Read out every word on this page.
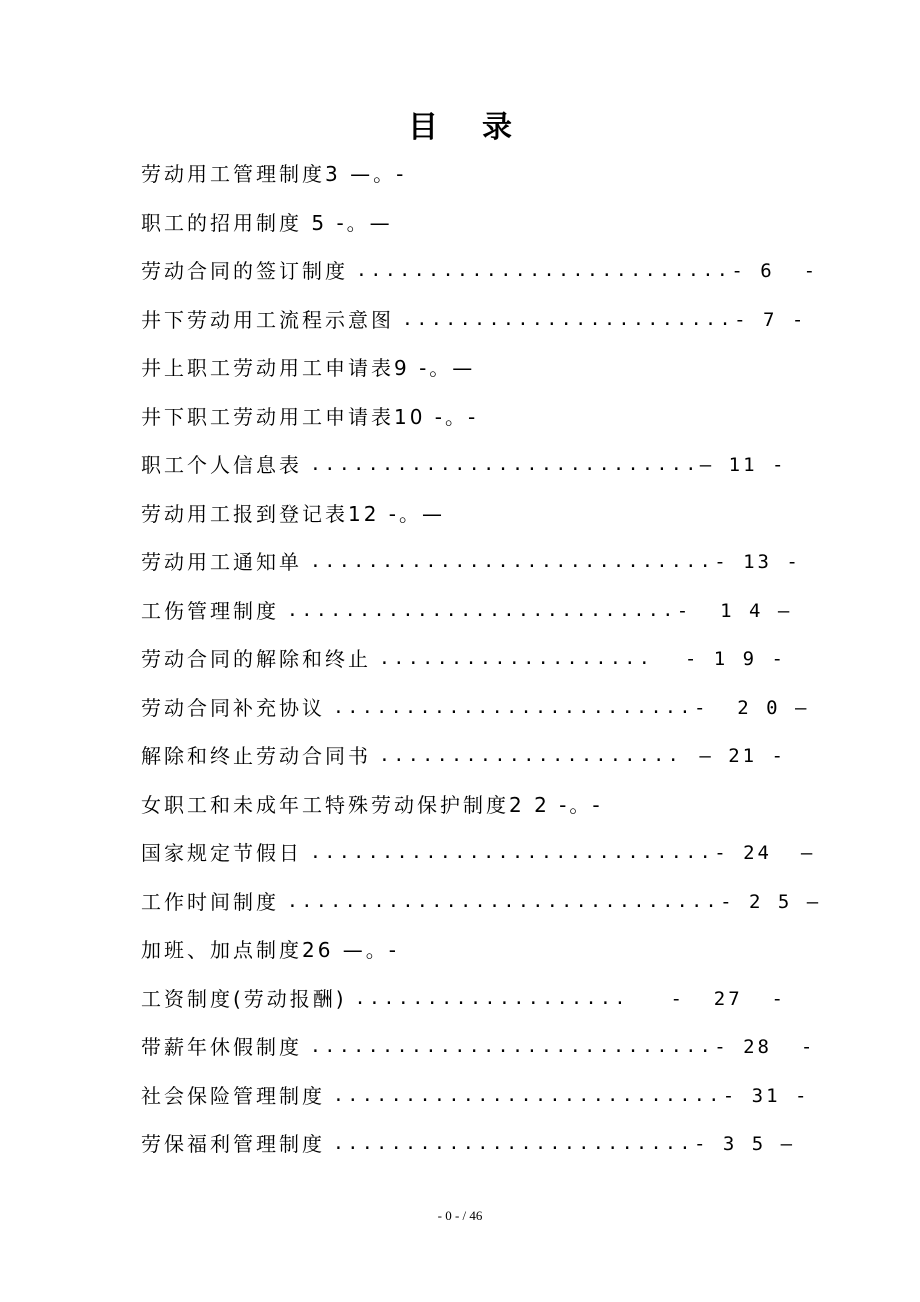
目录
劳动用工管理制度3 —。-
职工的招用制度 5 -。—
劳动合同的签订制度 .......................... - 6  -
井下劳动用工流程示意图 ....................... - 7 -
井上职工劳动用工申请表9 -。—
井下职工劳动用工申请表10 -。-
职工个人信息表 ........................... — 11 -
劳动用工报到登记表12 -。—
劳动用工通知单 ............................ - 13 -
工伤管理制度 ........................... -  1 4 —
劳动合同的解除和终止 ...................	- 1 9 -
劳动合同补充协议 ......................... -  2 0 —
解除和终止劳动合同书 ..................... — 21 -
女职工和未成年工特殊劳动保护制度2 2 -。-
国家规定节假日 ............................ - 24  —
工作时间制度 .............................. - 2 5 —
加班、加点制度26 —。-
工资制度(劳动报酬) ...................	-  27  -
带薪年休假制度 ............................ - 28  -
社会保险管理制度 ........................... - 31 -
劳保福利管理制度 ......................... - 3 5 —
- 0 - / 46
